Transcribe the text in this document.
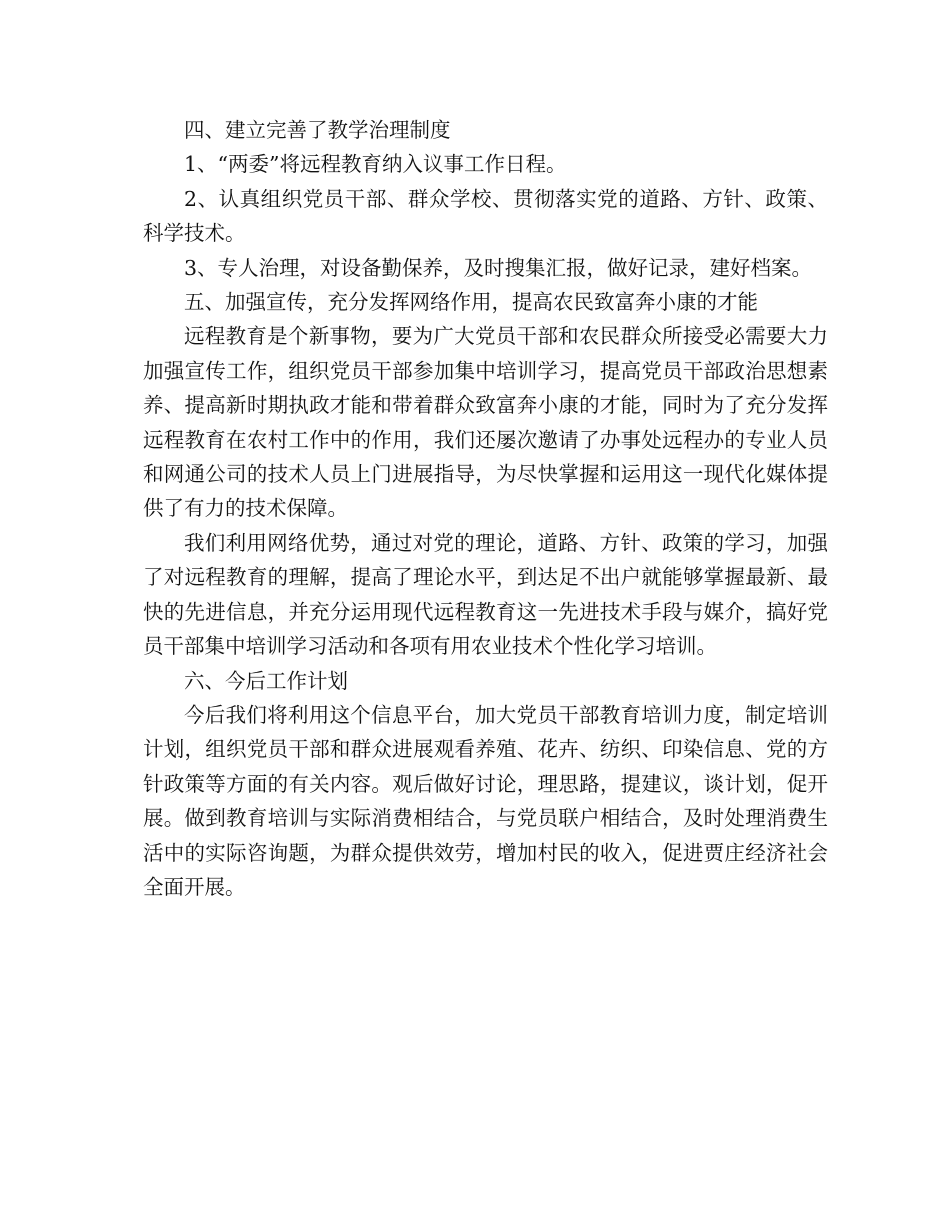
四、建立完善了教学治理制度

1、“两委”将远程教育纳入议事工作日程。

2、认真组织党员干部、群众学校、贯彻落实党的道路、方针、政策、科学技术。

3、专人治理，对设备勤保养，及时搜集汇报，做好记录，建好档案。

五、加强宣传，充分发挥网络作用，提高农民致富奔小康的才能

远程教育是个新事物，要为广大党员干部和农民群众所接受必需要大力加强宣传工作，组织党员干部参加集中培训学习，提高党员干部政治思想素养、提高新时期执政才能和带着群众致富奔小康的才能，同时为了充分发挥远程教育在农村工作中的作用，我们还屡次邀请了办事处远程办的专业人员和网通公司的技术人员上门进展指导，为尽快掌握和运用这一现代化媒体提供了有力的技术保障。

我们利用网络优势，通过对党的理论，道路、方针、政策的学习，加强了对远程教育的理解，提高了理论水平，到达足不出户就能够掌握最新、最快的先进信息，并充分运用现代远程教育这一先进技术手段与媒介，搞好党员干部集中培训学习活动和各项有用农业技术个性化学习培训。

六、今后工作计划

今后我们将利用这个信息平台，加大党员干部教育培训力度，制定培训计划，组织党员干部和群众进展观看养殖、花卉、纺织、印染信息、党的方针政策等方面的有关内容。观后做好讨论，理思路，提建议，谈计划，促开展。做到教育培训与实际消费相结合，与党员联户相结合，及时处理消费生活中的实际咨询题，为群众提供效劳，增加村民的收入，促进贾庄经济社会全面开展。
